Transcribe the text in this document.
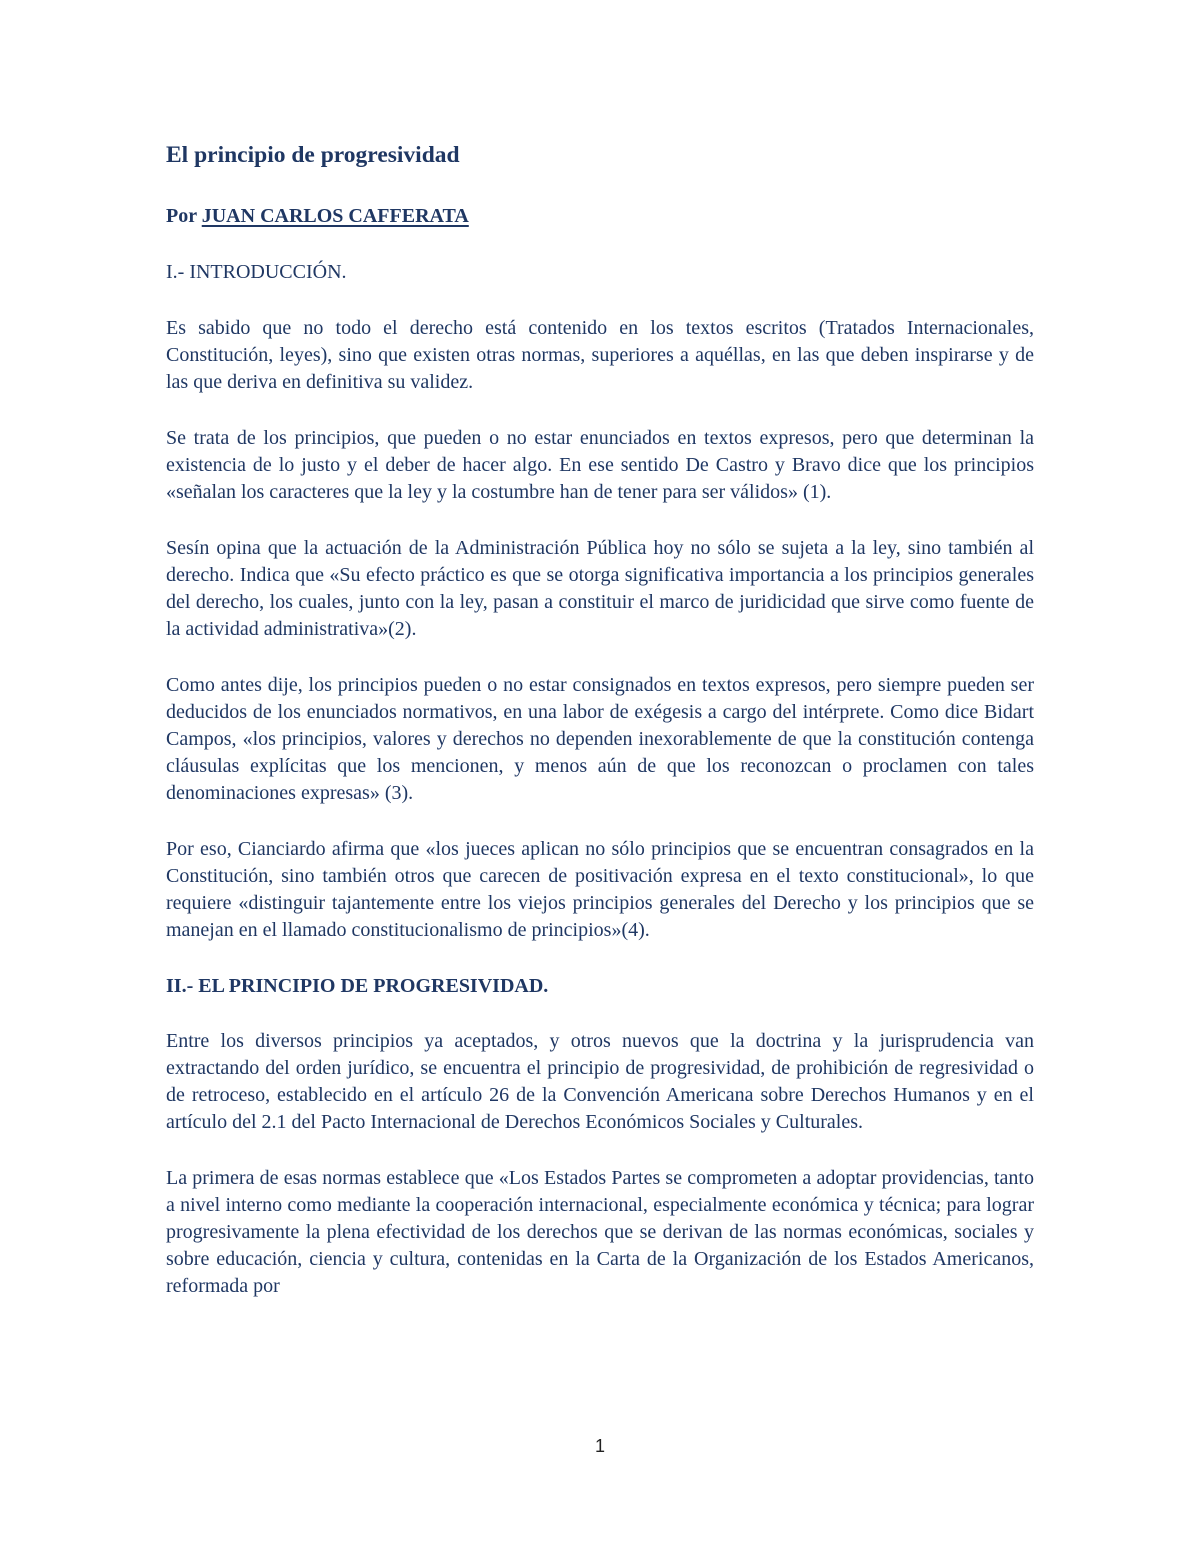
El principio de progresividad
Por JUAN CARLOS CAFFERATA
I.- INTRODUCCIÓN.

Es sabido que no todo el derecho está contenido en los textos escritos (Tratados Internacionales, Constitución, leyes), sino que existen otras normas, superiores a aquéllas, en las que deben inspirarse y de las que deriva en definitiva su validez.

Se trata de los principios, que pueden o no estar enunciados en textos expresos, pero que determinan la existencia de lo justo y el deber de hacer algo. En ese sentido De Castro y Bravo dice que los principios «señalan los caracteres que la ley y la costumbre han de tener para ser válidos» (1).

Sesín opina que la actuación de la Administración Pública hoy no sólo se sujeta a la ley, sino también al derecho. Indica que «Su efecto práctico es que se otorga significativa importancia a los principios generales del derecho, los cuales, junto con la ley, pasan a constituir el marco de juridicidad que sirve como fuente de la actividad administrativa»(2).

Como antes dije, los principios pueden o no estar consignados en textos expresos, pero siempre pueden ser deducidos de los enunciados normativos, en una labor de exégesis a cargo del intérprete. Como dice Bidart Campos, «los principios, valores y derechos no dependen inexorablemente de que la constitución contenga cláusulas explícitas que los mencionen, y menos aún de que los reconozcan o proclamen con tales denominaciones expresas» (3).

Por eso, Cianciardo afirma que «los jueces aplican no sólo principios que se encuentran consagrados en la Constitución, sino también otros que carecen de positivación expresa en el texto constitucional», lo que requiere «distinguir tajantemente entre los viejos principios generales del Derecho y los principios que se manejan en el llamado constitucionalismo de principios»(4).

II.- EL PRINCIPIO DE PROGRESIVIDAD.

Entre los diversos principios ya aceptados, y otros nuevos que la doctrina y la jurisprudencia van extractando del orden jurídico, se encuentra el principio de progresividad, de prohibición de regresividad o de retroceso, establecido en el artículo 26 de la Convención Americana sobre Derechos Humanos y en el artículo del 2.1 del Pacto Internacional de Derechos Económicos Sociales y Culturales.

La primera de esas normas establece que «Los Estados Partes se comprometen a adoptar providencias, tanto a nivel interno como mediante la cooperación internacional, especialmente económica y técnica; para lograr progresivamente la plena efectividad de los derechos que se derivan de las normas económicas, sociales y sobre educación, ciencia y cultura, contenidas en la Carta de la Organización de los Estados Americanos, reformada por

1
